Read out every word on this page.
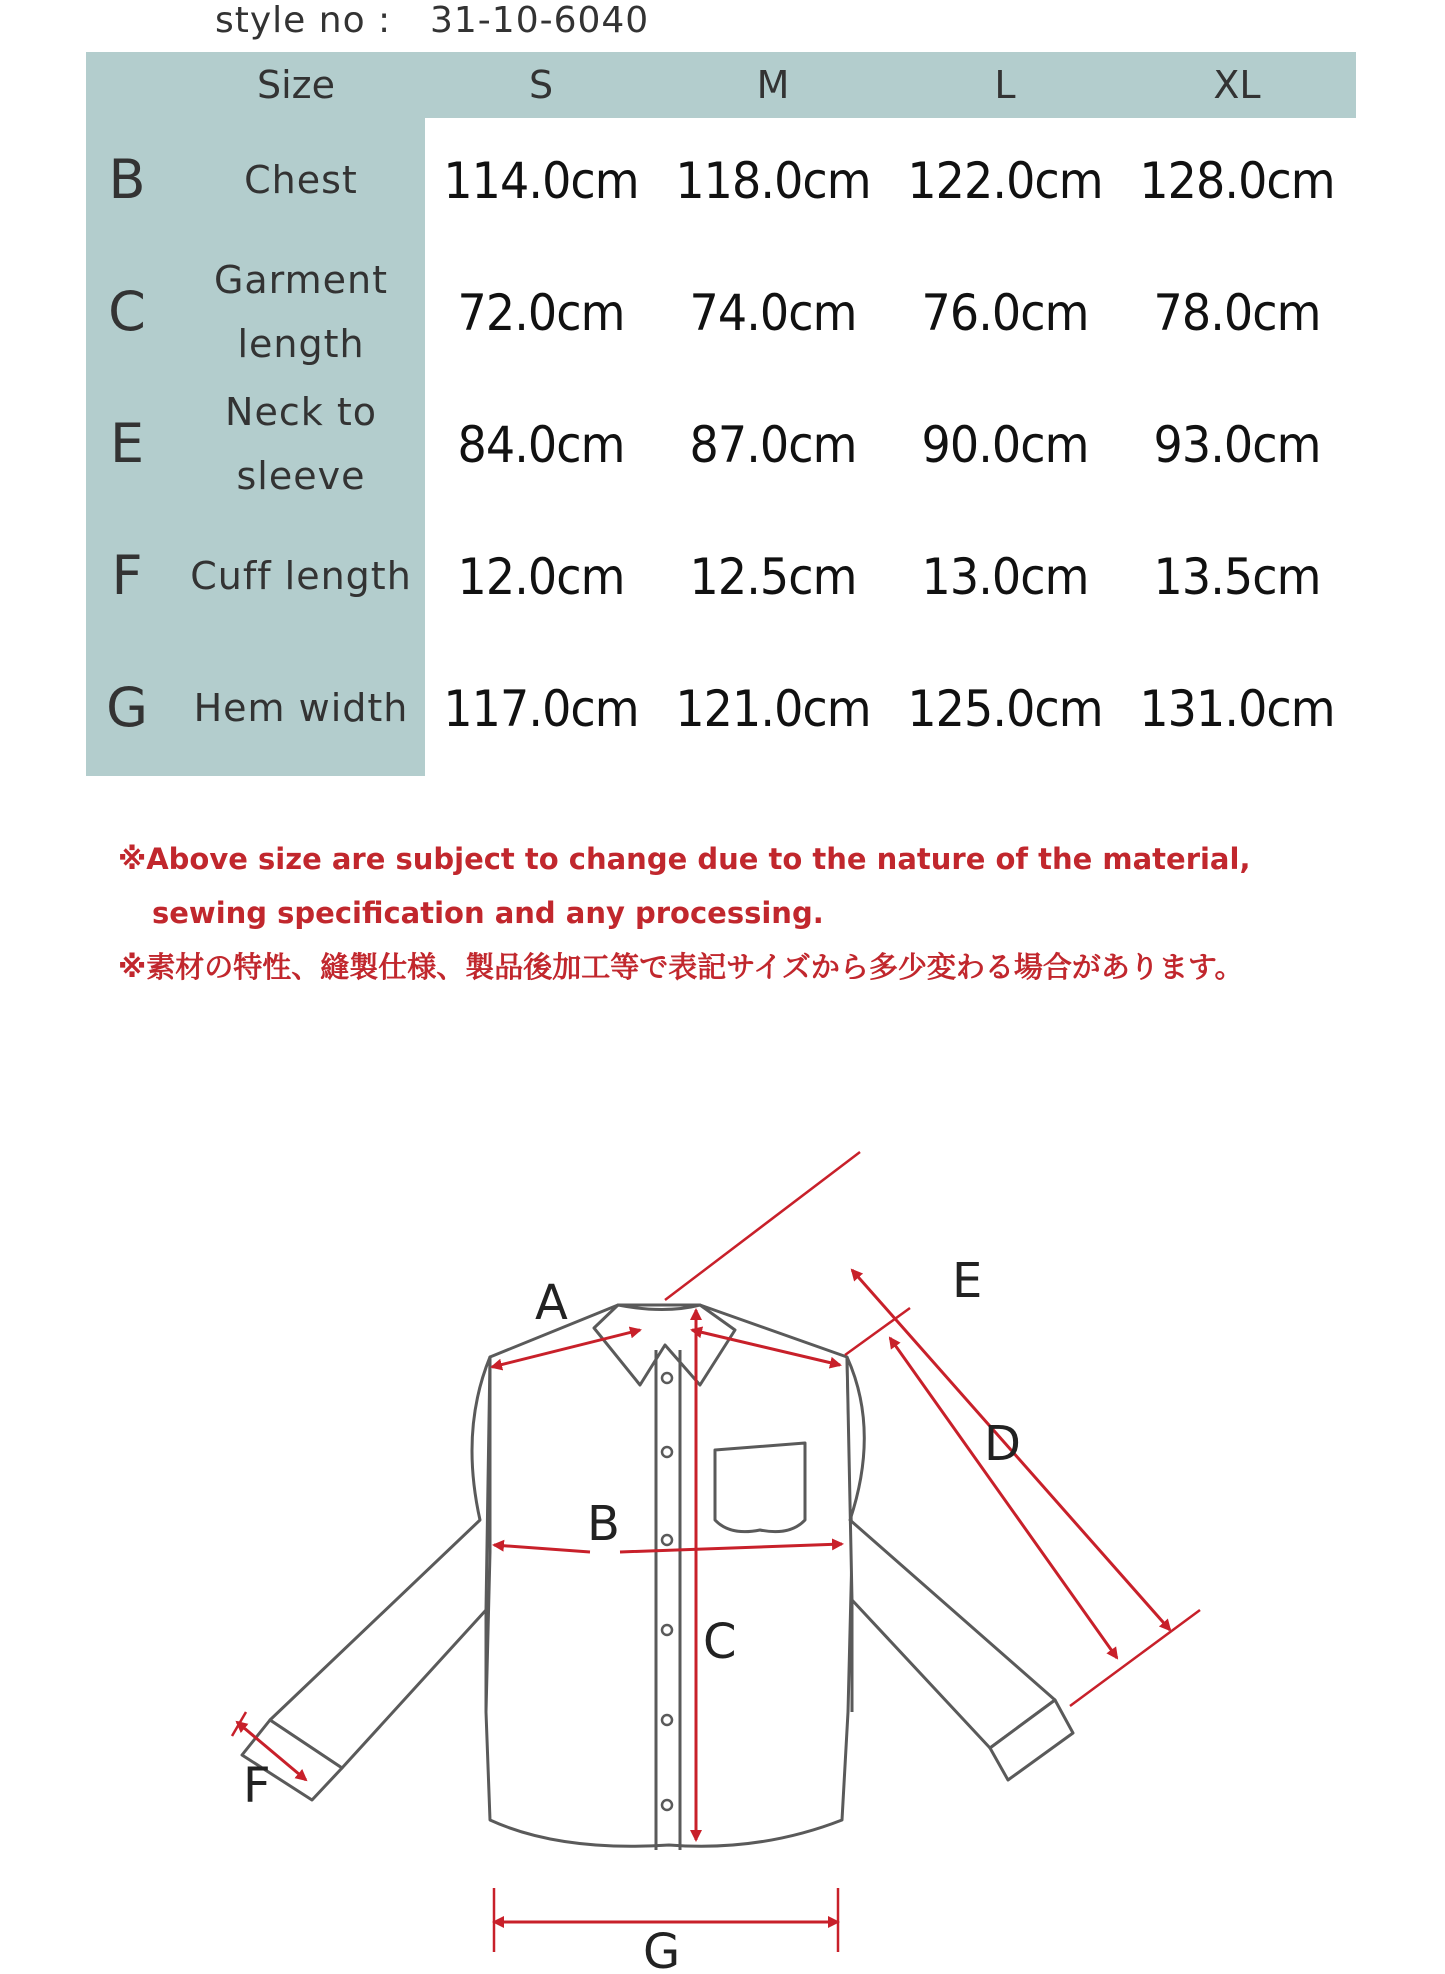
style no : 31-10-6040
Size	S	M	L	XL
B	Chest	114.0cm 118.0cm 122.0cm 128.0cm
C	Garment
length
72.0cm	74.0cm	76.0cm	78.0cm
E	Neck to
sleeve
84.0cm	87.0cm	90.0cm	93.0cm
F	Cuff length 12.0cm	12.5cm	13.0cm	13.5cm
G	Hem width 117.0cm 121.0cm 125.0cm 131.0cm
※Above size are subject to change due to the nature of the material,
sewing specification and any processing.
※素材の特性、縫製仕様、製品後加工等で表記サイズから多少変わる場合があります。
A
B
C
D
E
F
G
